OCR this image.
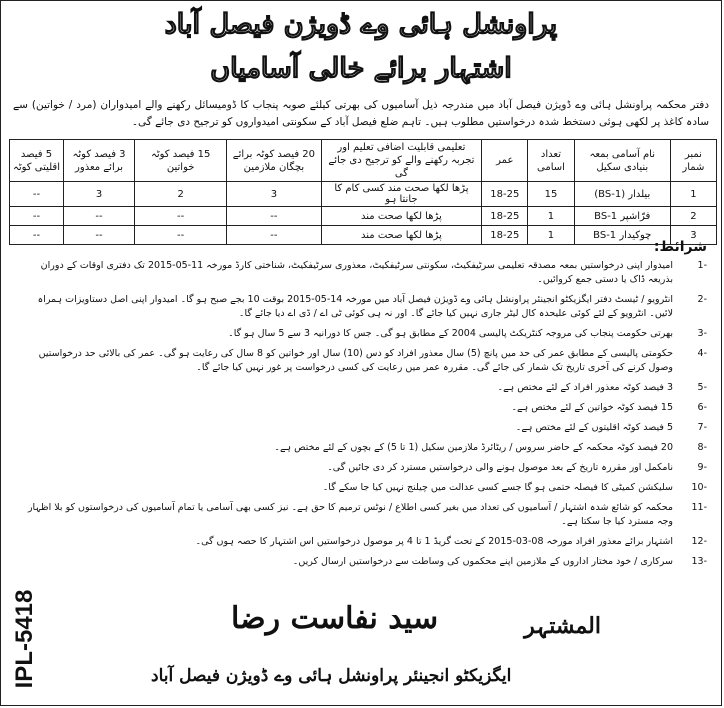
پراونشل ہائی وے ڈویژن فیصل آباد
اشتہار برائے خالی آسامیاں
دفتر محکمہ پراونشل ہائی وے ڈویژن فیصل آباد میں مندرجہ ذیل آسامیوں کی بھرتی کیلئے صوبہ پنجاب کا ڈومیسائل رکھنے والے امیدواران (مرد / خواتین) سے سادہ کاغذ پر لکھی ہوئی دستخط شدہ درخواستیں مطلوب ہیں۔ تاہم ضلع فیصل آباد کے سکونتی امیدواروں کو ترجیح دی جائے گی۔
نمبر شمار	نام آسامی بمعہ بنیادی سکیل	تعداد اسامی	عمر	تعلیمی قابلیت اضافی تعلیم اور تجربہ رکھنے والے کو ترجیح دی جائے گی	20 فیصد کوٹہ برائے بچگان ملازمین	15 فیصد کوٹہ خواتین	3 فیصد کوٹہ برائے معذور	5 فیصد اقلیتی کوٹہ
1	بیلدار (BS-1)	15	18-25	پڑھا لکھا صحت مند کسی کام کا جانتا ہو	3	2	3	--
2	فرّاشپر BS-1	1	18-25	پڑھا لکھا صحت مند	--	--	--	--
3	چوکیدار BS-1	1	18-25	پڑھا لکھا صحت مند	--	--	--	--
شرائط:
-1
امیدوار اپنی درخواستیں بمعہ مصدقہ تعلیمی سرٹیفکیٹ، سکونتی سرٹیفکیٹ، معذوری سرٹیفکیٹ، شناختی کارڈ مورخہ 11-05-2015 تک دفتری اوقات کے دوران بذریعہ ڈاک یا دستی جمع کروائیں۔
-2
انٹرویو / ٹیسٹ دفتر ایگزیکٹو انجینئر پراونشل ہائی وے ڈویژن فیصل آباد میں مورخہ 14-05-2015 بوقت 10 بجے صبح ہو گا۔ امیدوار اپنی اصل دستاویزات ہمراہ لائیں۔ انٹرویو کے لئے کوئی علیحدہ کال لیٹر جاری نہیں کیا جائے گا۔ اور نہ ہی کوئی ٹی اے / ڈی اے دیا جائے گا۔
-3
بھرتی حکومت پنجاب کی مروجہ کنٹریکٹ پالیسی 2004 کے مطابق ہو گی۔ جس کا دورانیہ 3 سے 5 سال ہو گا۔
-4
حکومتی پالیسی کے مطابق عمر کی حد میں پانچ (5) سال معذور افراد کو دس (10) سال اور خواتین کو 8 سال کی رعایت ہو گی۔ عمر کی بالائی حد درخواستیں وصول کرنے کی آخری تاریخ تک شمار کی جائے گی۔ مقررہ عمر میں رعایت کی کسی درخواست پر غور نہیں کیا جائے گا۔
-5
3 فیصد کوٹہ معذور افراد کے لئے مختص ہے۔
-6
15 فیصد کوٹہ خواتین کے لئے مختص ہے۔
-7
5 فیصد کوٹہ اقلیتوں کے لئے مختص ہے۔
-8
20 فیصد کوٹہ محکمہ کے حاضر سروس / ریٹائرڈ ملازمین سکیل (1 تا 5) کے بچوں کے لئے مختص ہے۔
-9
نامکمل اور مقررہ تاریخ کے بعد موصول ہونے والی درخواستیں مسترد کر دی جائیں گی۔
-10
سلیکشن کمیٹی کا فیصلہ حتمی ہو گا جسے کسی عدالت میں چیلنج نہیں کیا جا سکے گا۔
-11
محکمہ کو شائع شدہ اشتہار / آسامیوں کی تعداد میں بغیر کسی اطلاع / نوٹس ترمیم کا حق ہے۔ نیز کسی بھی آسامی یا تمام آسامیوں کی درخواستوں کو بلا اظہار وجہ مسترد کیا جا سکتا ہے۔
-12
اشتہار برائے معذور افراد مورخہ 08-03-2015 کے تحت گریڈ 1 تا 4 پر موصول درخواستیں اس اشتہار کا حصہ ہوں گی۔
-13
سرکاری / خود مختار اداروں کے ملازمین اپنے محکموں کی وساطت سے درخواستیں ارسال کریں۔
سید نفاست رضا	المشتہر
ایگزیکٹو انجینئر پراونشل ہائی وے ڈویژن فیصل آباد
IPL-5418
